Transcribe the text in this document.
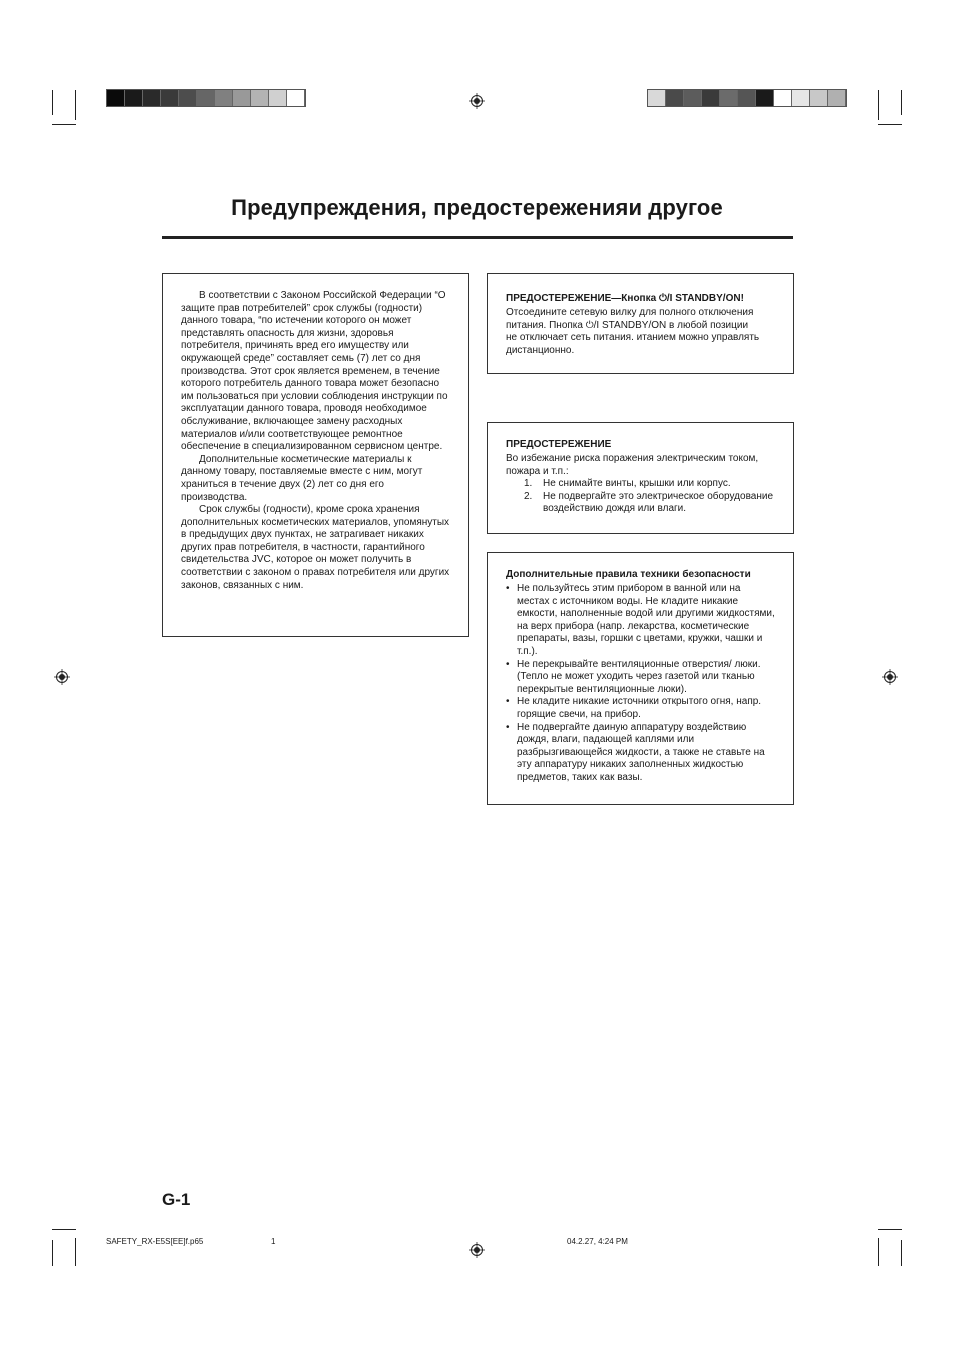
Предупреждения, предостереженияи другое

В соответствии с Законом Российской Федерации “О защите прав потребителей” срок службы (годности) данного товара, “по истечении которого он может представлять опасность для жизни, здоровья потребителя, причинять вред его имуществу или окружающей среде” составляет семь (7) лет со дня производства. Этот срок является временем, в течение которого потребитель данного товара может безопасно им пользоваться при условии соблюдения инструкции по эксплуатации данного товара, проводя необходимое обслуживание, включающее замену расходных материалов и/или соответствующее ремонтное обеспечение в специализированном сервисном центре.

Дополнительные косметические материалы к данному товару, поставляемые вместе с ним, могут храниться в течение двух (2) лет со дня его производства.

Срок службы (годности), кроме срока хранения дополнительных косметических материалов, упомянутых

в предыдущих двух пунктах, не затрагивает никаких других прав потребителя, в частности, гарантийного свидетельства JVC, которое он может получить в соответствии с законом о правах потребителя или других законов, связанных с ним.

ПРЕДОСТЕРЕЖЕНИЕ—Кнопка ⏻/I STANDBY/ON!

Отсоедините сетевую вилку для полного отключения

питания. Пнопка ⏻/I STANDBY/ON в любой позиции

не отключает сеть питания. итанием можно управлять дистанционно.

ПРЕДОСТЕРЕЖЕНИЕ

Во избежание риска поражения электрическим током, пожара и т.п.:

1. Не снимайте винты, крышки или корпус.
2. Не подвергайте это электрическое оборудование воздействию дождя или влаги.
Дополнительные правила техники безопасности
• Не пользуйтесь этим прибором в ванной или на местах с источником воды. Не кладите никакие емкости, наполненные водой или другими жидкостями, на верх прибора (напр. лекарства, косметические препараты, вазы, горшки с цветами, кружки, чашки и т.п.).
• Не перекрывайте вентиляционные отверстия/ люки. (Тепло не может уходить через газетой или тканью перекрытые вентиляционные люки).
• Не кладите никакие источники открытого огня, напр. горящие свечи, на прибор.
• Не подвергайте даиную аппаратуру воздействию дождя, влаги, падающей каплями или разбрызгивающейся жидкости, а также не ставьте на эту аппаратуру никаких заполненных жидкостью предметов, таких как вазы.
G-1
SAFETY_RX-E5S[EE]f.p65	1	04.2.27, 4:24 PM
